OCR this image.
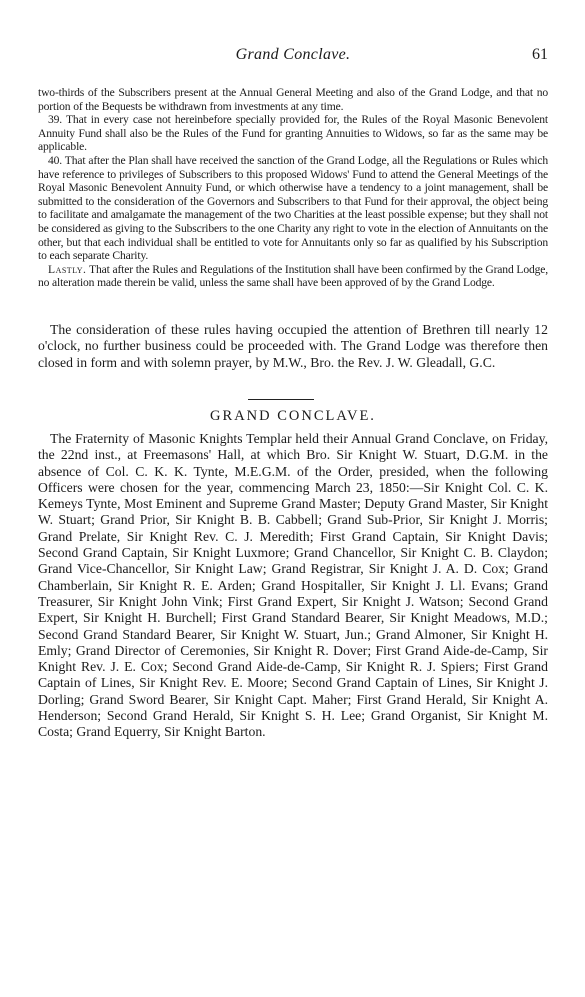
Grand Conclave.	61

two-thirds of the Subscribers present at the Annual General Meeting and also of the Grand Lodge, and that no portion of the Bequests be withdrawn from investments at any time.

39. That in every case not hereinbefore specially provided for, the Rules of the Royal Masonic Benevolent Annuity Fund shall also be the Rules of the Fund for granting Annuities to Widows, so far as the same may be applicable.

40. That after the Plan shall have received the sanction of the Grand Lodge, all the Regulations or Rules which have reference to privileges of Subscribers to this proposed Widows' Fund to attend the General Meetings of the Royal Masonic Benevolent Annuity Fund, or which otherwise have a tendency to a joint management, shall be submitted to the consideration of the Governors and Subscribers to that Fund for their approval, the object being to facilitate and amalgamate the management of the two Charities at the least possible expense; but they shall not be considered as giving to the Subscribers to the one Charity any right to vote in the election of Annuitants on the other, but that each individual shall be entitled to vote for Annuitants only so far as qualified by his Subscription to each separate Charity.

Lastly. That after the Rules and Regulations of the Institution shall have been confirmed by the Grand Lodge, no alteration made therein be valid, unless the same shall have been approved of by the Grand Lodge.

The consideration of these rules having occupied the attention of Brethren till nearly 12 o'clock, no further business could be proceeded with. The Grand Lodge was therefore then closed in form and with solemn prayer, by M.W., Bro. the Rev. J. W. Gleadall, G.C.

GRAND CONCLAVE.

The Fraternity of Masonic Knights Templar held their Annual Grand Conclave, on Friday, the 22nd inst., at Freemasons' Hall, at which Bro. Sir Knight W. Stuart, D.G.M. in the absence of Col. C. K. K. Tynte, M.E.G.M. of the Order, presided, when the following Officers were chosen for the year, commencing March 23, 1850:—Sir Knight Col. C. K. Kemeys Tynte, Most Eminent and Supreme Grand Master; Deputy Grand Master, Sir Knight W. Stuart; Grand Prior, Sir Knight B. B. Cabbell; Grand Sub-Prior, Sir Knight J. Morris; Grand Prelate, Sir Knight Rev. C. J. Meredith; First Grand Captain, Sir Knight Davis; Second Grand Captain, Sir Knight Luxmore; Grand Chancellor, Sir Knight C. B. Claydon; Grand Vice-Chancellor, Sir Knight Law; Grand Registrar, Sir Knight J. A. D. Cox; Grand Chamberlain, Sir Knight R. E. Arden; Grand Hospitaller, Sir Knight J. Ll. Evans; Grand Treasurer, Sir Knight John Vink; First Grand Expert, Sir Knight J. Watson; Second Grand Expert, Sir Knight H. Burchell; First Grand Standard Bearer, Sir Knight Meadows, M.D.; Second Grand Standard Bearer, Sir Knight W. Stuart, Jun.; Grand Almoner, Sir Knight H. Emly; Grand Director of Ceremonies, Sir Knight R. Dover; First Grand Aide-de-Camp, Sir Knight Rev. J. E. Cox; Second Grand Aide-de-Camp, Sir Knight R. J. Spiers; First Grand Captain of Lines, Sir Knight Rev. E. Moore; Second Grand Captain of Lines, Sir Knight J. Dorling; Grand Sword Bearer, Sir Knight Capt. Maher; First Grand Herald, Sir Knight A. Henderson; Second Grand Herald, Sir Knight S. H. Lee; Grand Organist, Sir Knight M. Costa; Grand Equerry, Sir Knight Barton.
